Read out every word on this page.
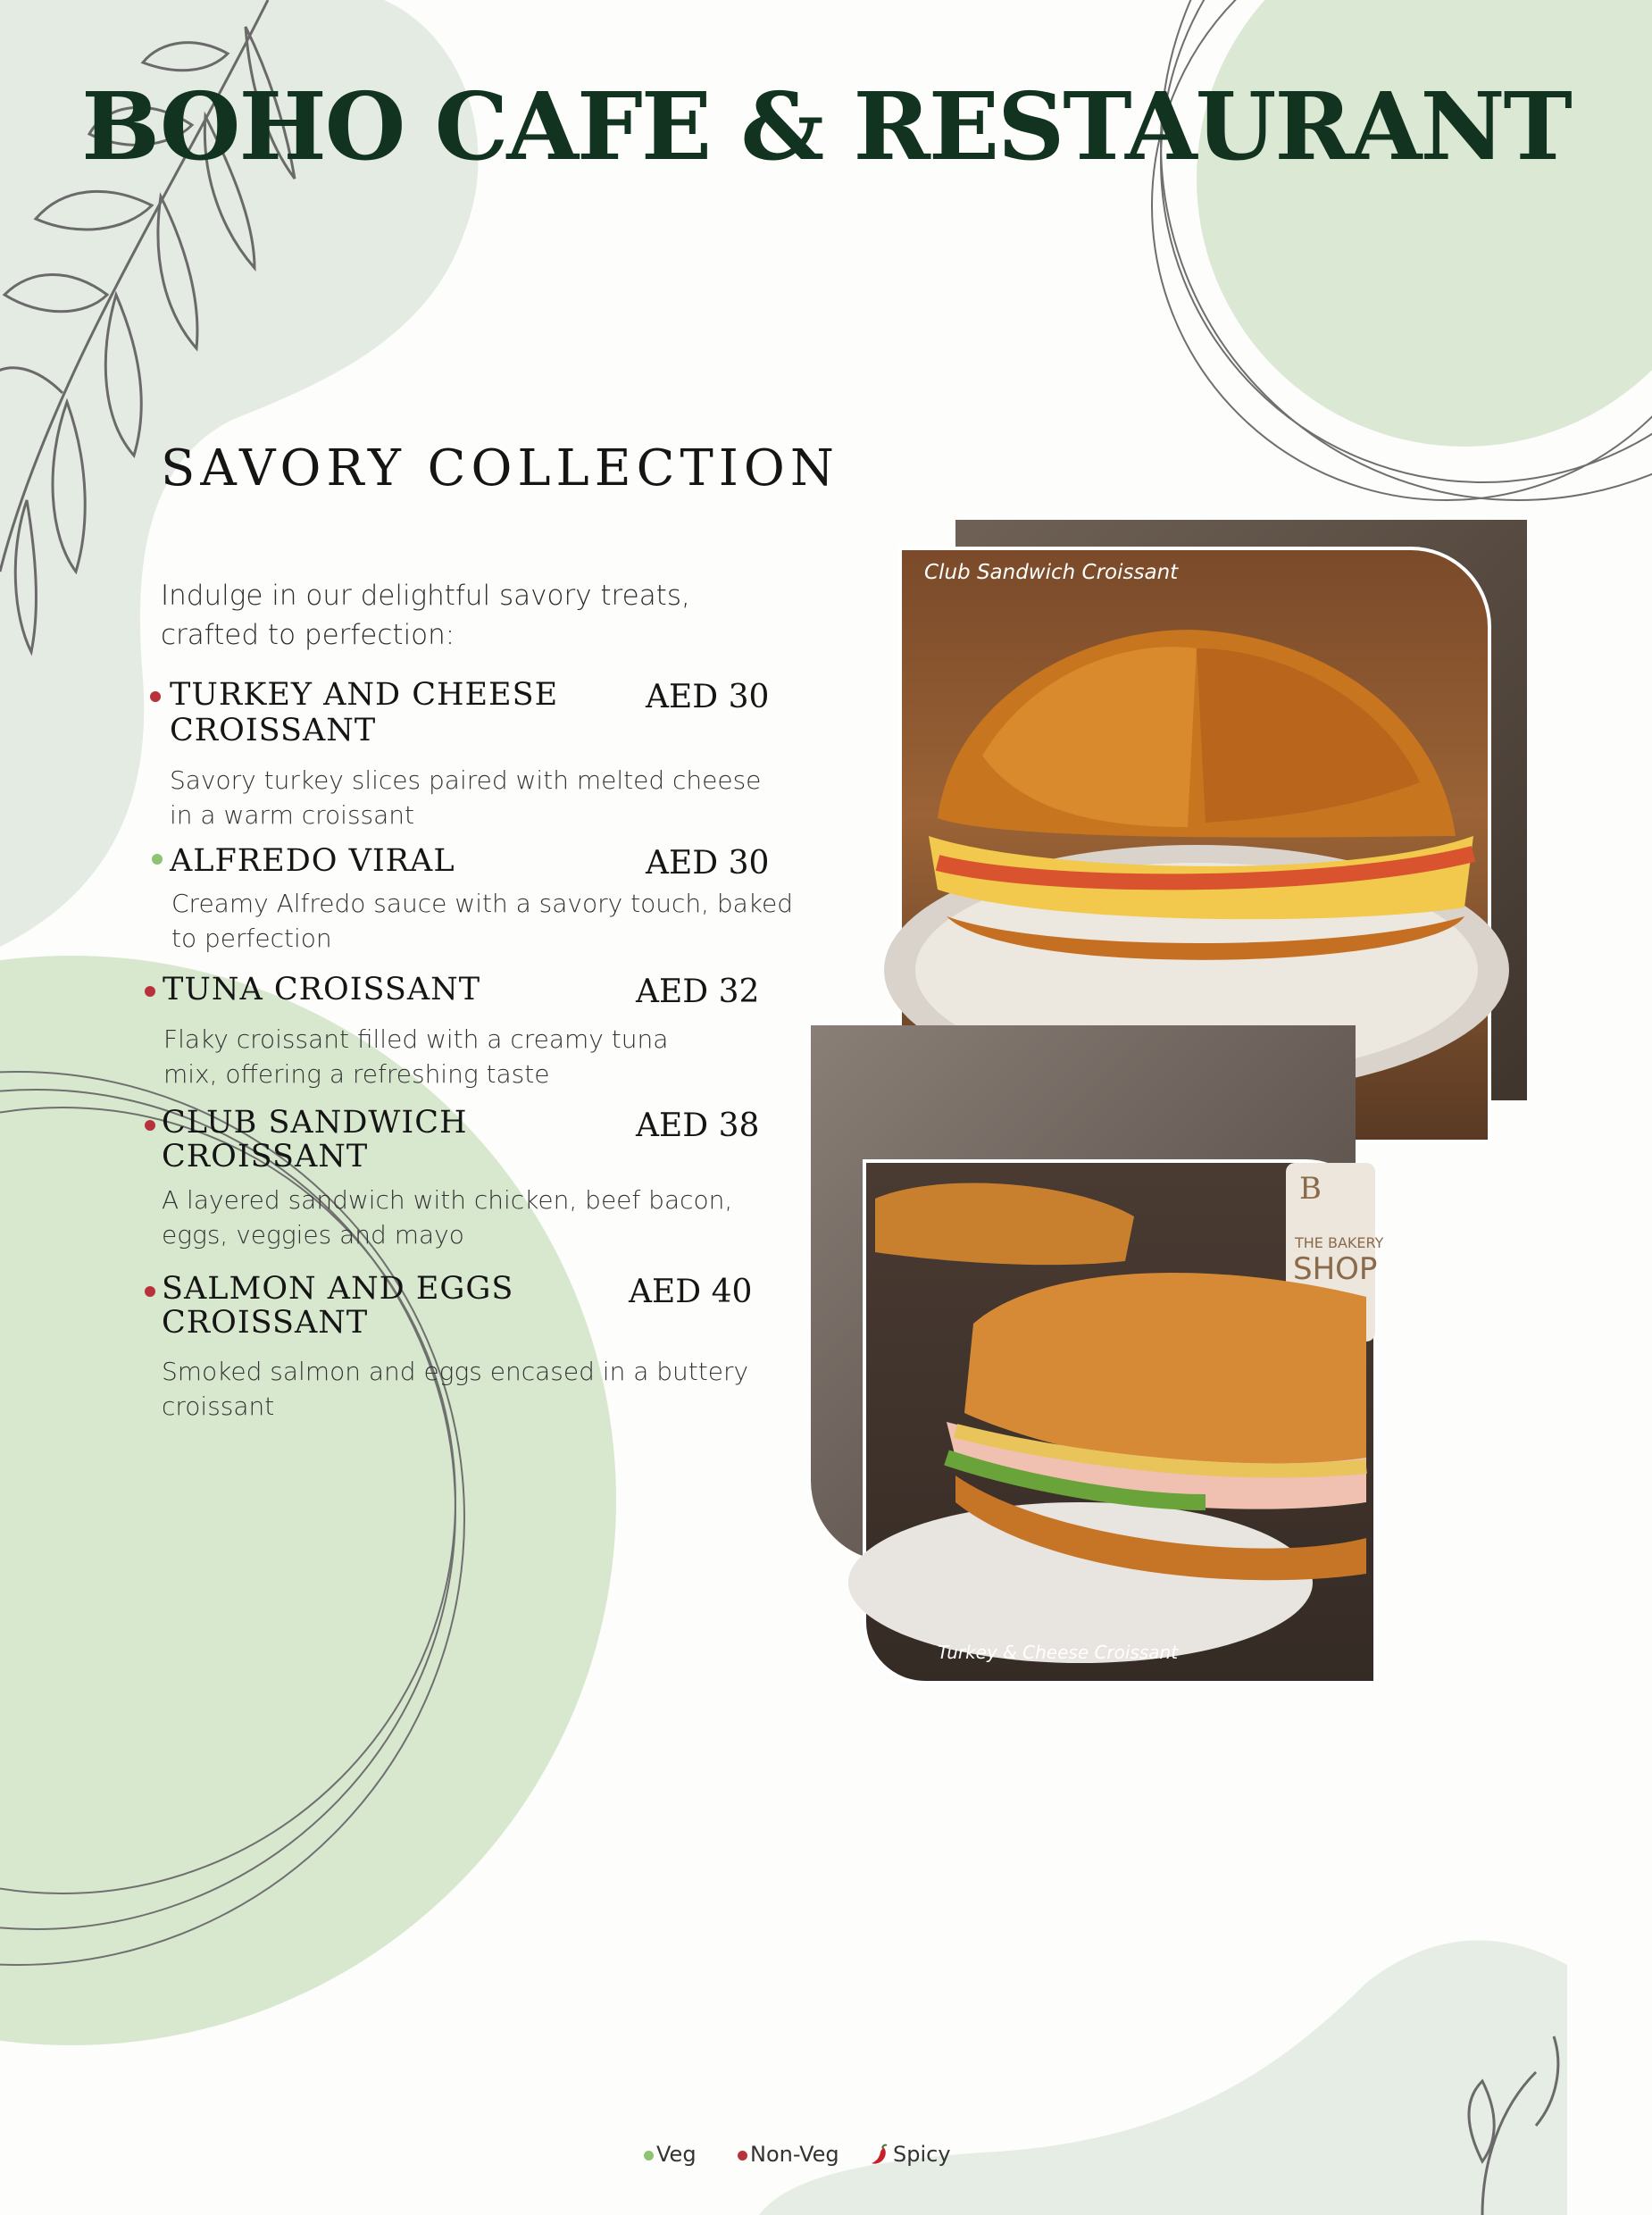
BOHO CAFE & RESTAURANT
SAVORY COLLECTION
Indulge in our delightful savory treats, crafted to perfection:
TURKEY AND CHEESE CROISSANT
AED 30
Savory turkey slices paired with melted cheese in a warm croissant
ALFREDO VIRAL	AED 30
Creamy Alfredo sauce with a savory touch, baked to perfection
TUNA CROISSANT	AED 32
Flaky croissant filled with a creamy tuna mix, offering a refreshing taste
CLUB SANDWICH CROISSANT
AED 38
A layered sandwich with chicken, beef bacon, eggs, veggies and mayo
SALMON AND EGGS CROISSANT
AED 40
Smoked salmon and eggs encased in a buttery croissant
Club Sandwich Croissant
B
THE BAKERY
SHOP
Turkey & Cheese Croissant
Veg	Non-Veg	Spicy
